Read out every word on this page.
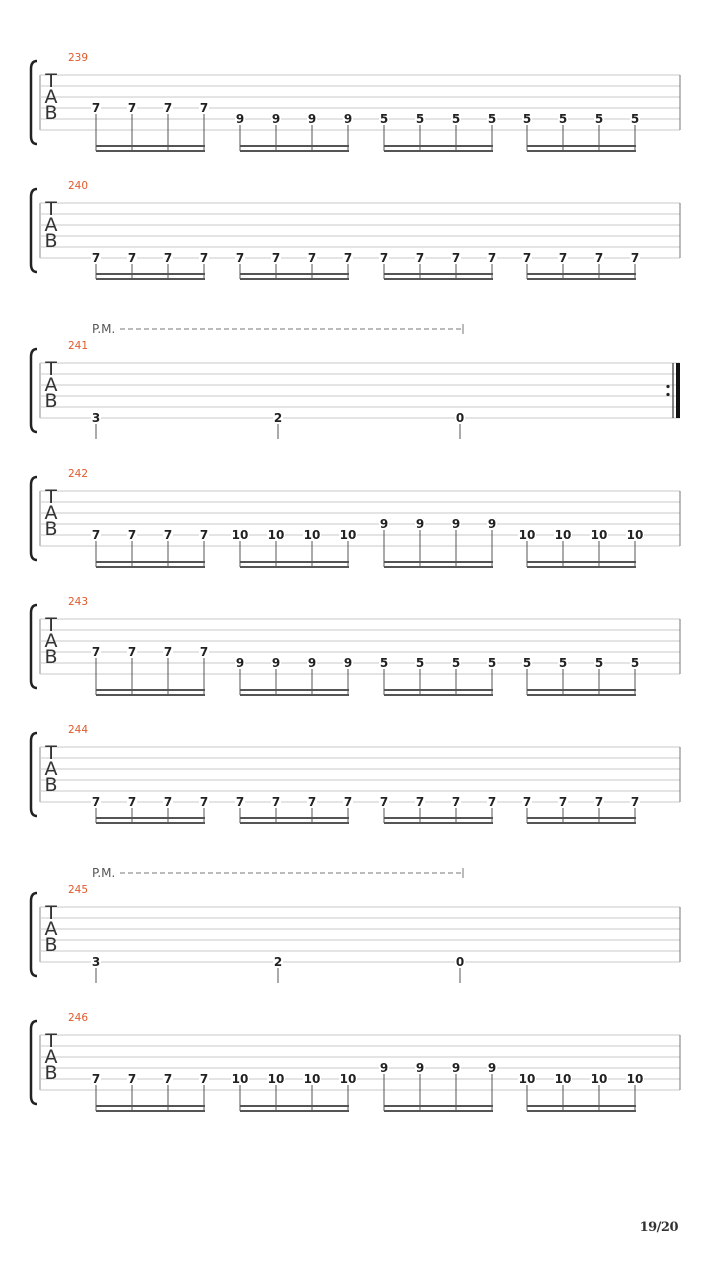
T
A
B
239
7 7 7 7
9 9 9 9 5 5 5 5 5 5 5 5
T
A
B
240
7 7 7 7 7 7 7 7 7 7 7 7 7 7 7 7
T
A
B
241
P.M.
3	2	0
T
A
B
242
7 7 7 7 10 10 10 10
9 9 9 9
10 10 10 10
T
A
B
243
7 7 7 7
9 9 9 9 5 5 5 5 5 5 5 5
T
A
B
244
7 7 7 7 7 7 7 7 7 7 7 7 7 7 7 7
T
A
B
245
P.M.
3	2	0
T
A
B
246
7 7 7 7 10 10 10 10
9 9 9 9
10 10 10 10
19/20
